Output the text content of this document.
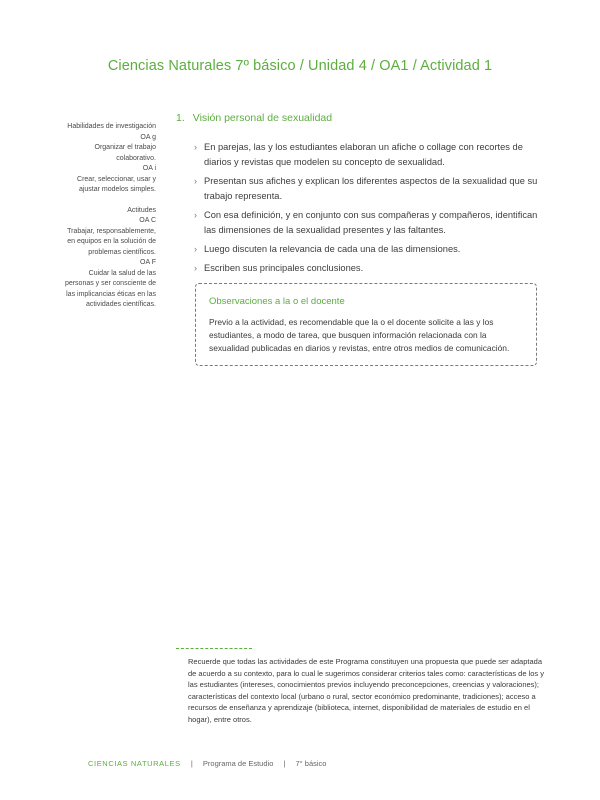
Ciencias Naturales 7º básico / Unidad 4 / OA1 / Actividad 1
Habilidades de investigación
OA g
Organizar el trabajo colaborativo.
OA i
Crear, seleccionar, usar y ajustar modelos simples.
Actitudes
OA C
Trabajar, responsablemente, en equipos en la solución de problemas científicos.
OA F
Cuidar la salud de las personas y ser consciente de las implicancias éticas en las actividades científicas.
1. Visión personal de sexualidad
› En parejas, las y los estudiantes elaboran un afiche o collage con recortes de diarios y revistas que modelen su concepto de sexualidad.
› Presentan sus afiches y explican los diferentes aspectos de la sexualidad que su trabajo representa.
› Con esa definición, y en conjunto con sus compañeras y compañeros, identifican las dimensiones de la sexualidad presentes y las faltantes.
› Luego discuten la relevancia de cada una de las dimensiones.
› Escriben sus principales conclusiones.
Observaciones a la o el docente
Previo a la actividad, es recomendable que la o el docente solicite a las y los estudiantes, a modo de tarea, que busquen información relacionada con la sexualidad publicadas en diarios y revistas, entre otros medios de comunicación.
Recuerde que todas las actividades de este Programa constituyen una propuesta que puede ser adaptada de acuerdo a su contexto, para lo cual le sugerimos considerar criterios tales como: características de los y las estudiantes (intereses, conocimientos previos incluyendo preconcepciones, creencias y valoraciones); características del contexto local (urbano o rural, sector económico predominante, tradiciones); acceso a recursos de enseñanza y aprendizaje (biblioteca, internet, disponibilidad de materiales de estudio en el hogar), entre otros.
CIENCIAS NATURALES | Programa de Estudio | 7° básico
